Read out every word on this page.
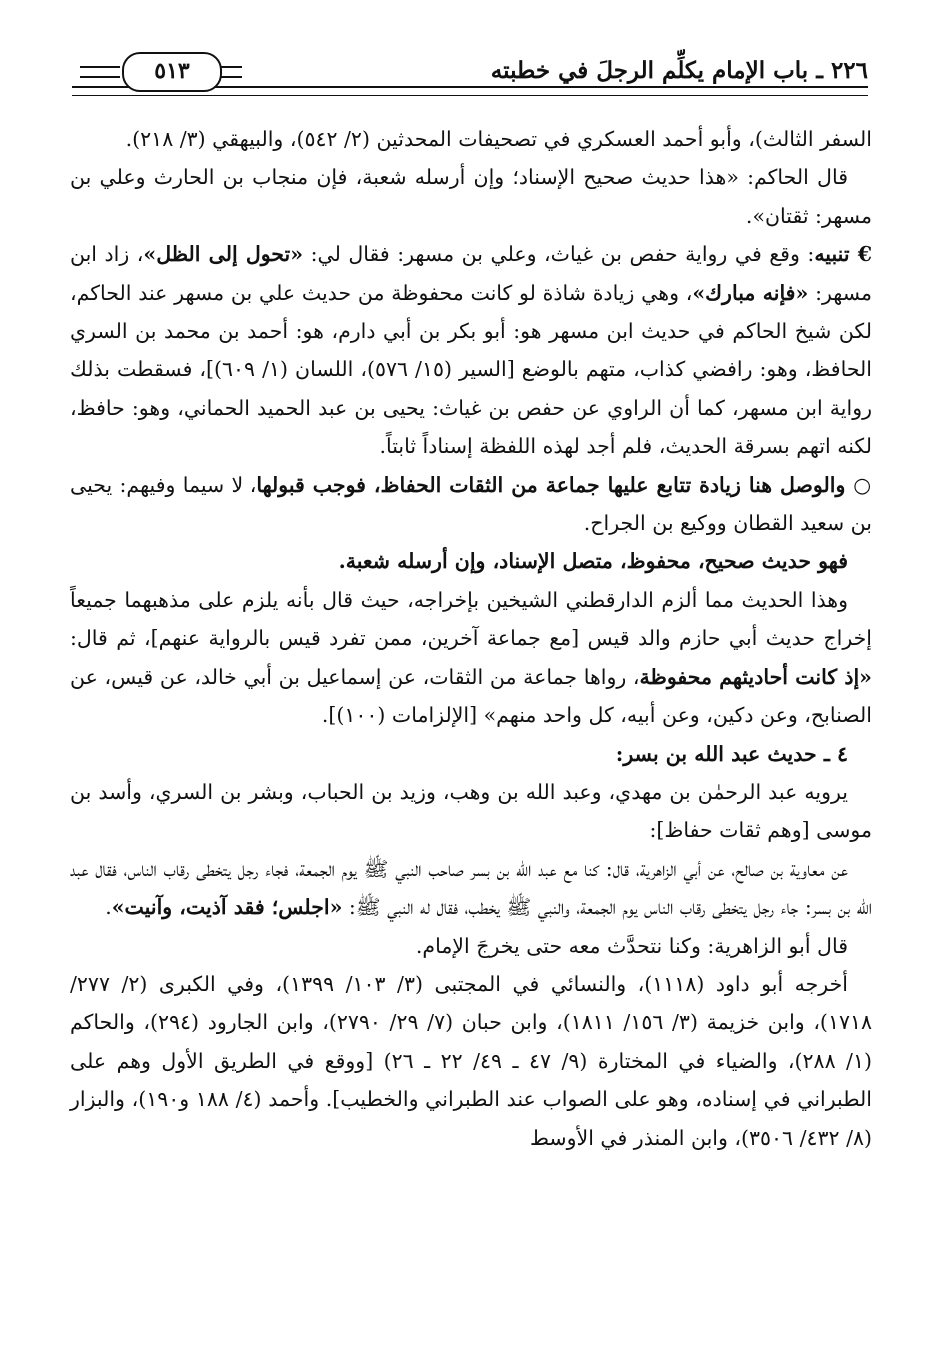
٢٢٦ ـ باب الإمام يكلِّم الرجلَ في خطبته
٥١٣

السفر الثالث)، وأبو أحمد العسكري في تصحيفات المحدثين (٢/ ٥٤٢)، والبيهقي (٣/ ٢١٨).

قال الحاكم: «هذا حديث صحيح الإسناد؛ وإن أرسله شعبة، فإن منجاب بن الحارث وعلي بن مسهر: ثقتان».

€ تنبيه: وقع في رواية حفص بن غياث، وعلي بن مسهر: فقال لي: «تحول إلى الظل»، زاد ابن مسهر: «فإنه مبارك»، وهي زيادة شاذة لو كانت محفوظة من حديث علي بن مسهر عند الحاكم، لكن شيخ الحاكم في حديث ابن مسهر هو: أبو بكر بن أبي دارم، هو: أحمد بن محمد بن السري الحافظ، وهو: رافضي كذاب، متهم بالوضع [السير (١٥/ ٥٧٦)، اللسان (١/ ٦٠٩)]، فسقطت بذلك رواية ابن مسهر، كما أن الراوي عن حفص بن غياث: يحيى بن عبد الحميد الحماني، وهو: حافظ، لكنه اتهم بسرقة الحديث، فلم أجد لهذه اللفظة إسناداً ثابتاً.

○ والوصل هنا زيادة تتابع عليها جماعة من الثقات الحفاظ، فوجب قبولها، لا سيما وفيهم: يحيى بن سعيد القطان ووكيع بن الجراح.

فهو حديث صحيح، محفوظ، متصل الإسناد، وإن أرسله شعبة.

وهذا الحديث مما ألزم الدارقطني الشيخين بإخراجه، حيث قال بأنه يلزم على مذهبهما جميعاً إخراج حديث أبي حازم والد قيس [مع جماعة آخرين، ممن تفرد قيس بالرواية عنهم]، ثم قال: «إذ كانت أحاديثهم محفوظة، رواها جماعة من الثقات، عن إسماعيل بن أبي خالد، عن قيس، عن الصنابح، وعن دكين، وعن أبيه، كل واحد منهم» [الإلزامات (١٠٠)].

٤ ـ حديث عبد الله بن بسر:

يرويه عبد الرحمٰن بن مهدي، وعبد الله بن وهب، وزيد بن الحباب، وبشر بن السري، وأسد بن موسى [وهم ثقات حفاظ]:

عن معاوية بن صالح، عن أبي الزاهرية، قال: كنا مع عبد الله بن بسر صاحب النبي ﷺ يوم الجمعة، فجاء رجل يتخطى رقاب الناس، فقال عبد الله بن بسر: جاء رجل يتخطى رقاب الناس يوم الجمعة، والنبي ﷺ يخطب، فقال له النبي ﷺ: «اجلس؛ فقد آذيت، وآنيت».

قال أبو الزاهرية: وكنا نتحدَّث معه حتى يخرجَ الإمام.

أخرجه أبو داود (١١١٨)، والنسائي في المجتبى (٣/ ١٠٣/ ١٣٩٩)، وفي الكبرى (٢/ ٢٧٧/ ١٧١٨)، وابن خزيمة (٣/ ١٥٦/ ١٨١١)، وابن حبان (٧/ ٢٩/ ٢٧٩٠)، وابن الجارود (٢٩٤)، والحاكم (١/ ٢٨٨)، والضياء في المختارة (٩/ ٤٧ ـ ٤٩/ ٢٢ ـ ٢٦) [ووقع في الطريق الأول وهم على الطبراني في إسناده، وهو على الصواب عند الطبراني والخطيب]. وأحمد (٤/ ١٨٨ و١٩٠)، والبزار (٨/ ٤٣٢/ ٣٥٠٦)، وابن المنذر في الأوسط
